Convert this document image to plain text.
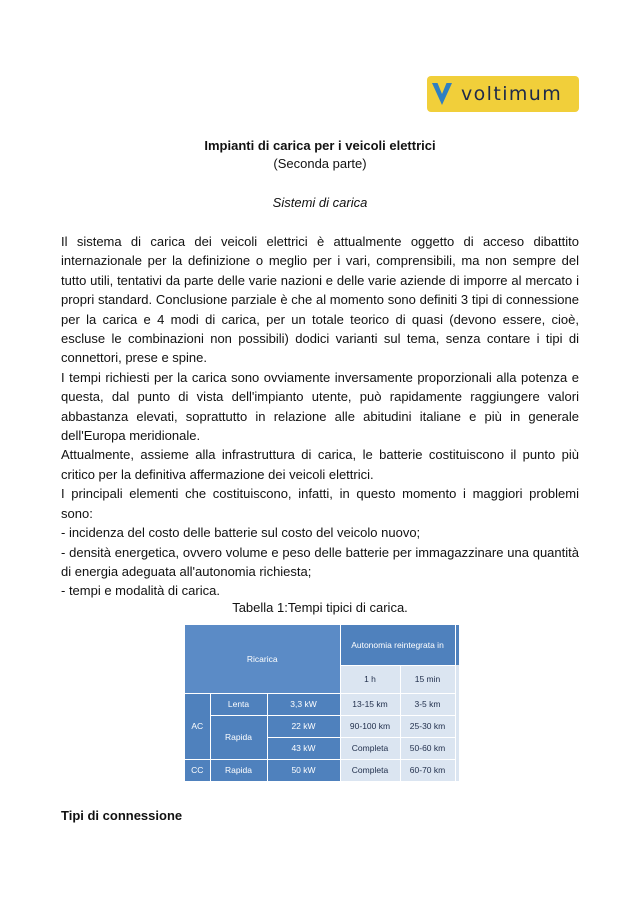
voltimum
Impianti di carica per i veicoli elettrici
(Seconda parte)
Sistemi di carica

Il sistema di carica dei veicoli elettrici è attualmente oggetto di acceso dibattito internazionale per la definizione o meglio per i vari, comprensibili, ma non sempre del tutto utili, tentativi da parte delle varie nazioni e delle varie aziende di imporre al mercato i propri standard. Conclusione parziale è che al momento sono definiti 3 tipi di connessione per la carica e 4 modi di carica, per un totale teorico di quasi (devono essere, cioè, escluse le combinazioni non possibili) dodici varianti sul tema, senza contare i tipi di connettori, prese e spine.

I tempi richiesti per la carica sono ovviamente inversamente proporzionali alla potenza e questa, dal punto di vista dell'impianto utente, può rapidamente raggiungere valori abbastanza elevati, soprattutto in relazione alle abitudini italiane e più in generale dell'Europa meridionale.

Attualmente, assieme alla infrastruttura di carica, le batterie costituiscono il punto più critico per la definitiva affermazione dei veicoli elettrici.

I principali elementi che costituiscono, infatti, in questo momento i maggiori problemi sono:

- incidenza del costo delle batterie sul costo del veicolo nuovo;

- densità energetica, ovvero volume e peso delle batterie per immagazzinare una quantità di energia adeguata all'autonomia richiesta;

- tempi e modalità di carica.

Tabella 1:Tempi tipici di carica.
Ricarica			Autonomia reintegrata in		
			1 h	15 min	
AC	Lenta	3,3 kW	13-15 km	3-5 km	
	Rapida	22 kW	90-100 km	25-30 km	
		43 kW	Completa	50-60 km	
CC	Rapida	50 kW	Completa	60-70 km	
Tipi di connessione
